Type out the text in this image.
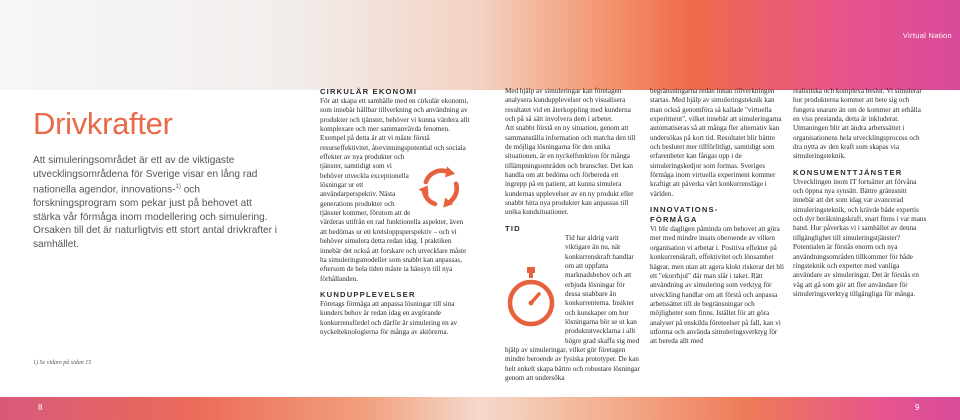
Virtual Nation
Drivkrafter

Att simuleringsområdet är ett av de viktigaste utvecklingsområdena för Sverige visar en lång rad nationella agendor, innovations-$^{1)}$ och forskningsprogram som pekar just på behovet att stärka vår förmåga inom modellering och simulering. Orsaken till det är naturligtvis ett stort antal drivkrafter i samhället.

1) Se vidare på sidan 15
CIRKULÄR EKONOMI

För att skapa ett samhälle med en cirkulär ekonomi, som innebär hållbar tillverkning och användning av produkter och tjänster, behöver vi kunna värdera allt komplexare och mer sammanvävda fenomen. Exempel på detta är att vi måste förstå resurseffektivitet, återvinningspotential och sociala effekter av nya produkter och tjänster, samtidigt som vi behöver utveckla exceptionella lösningar ur ett användarperspektiv. Nästa generations produkter och tjänster kommer, förutom att de värderas utifrån en rad funktionella aspekter, även att bedömas ur ett kretsloppsperspektiv – och vi behöver simulera detta redan idag. I praktiken innebär det också att forskare och utvecklare måste ha simuleringsmodeller som snabbt kan anpassas, eftersom de hela tiden måste ta hänsyn till nya förhållanden.

KUNDUPPLEVELSER

Företags förmåga att anpassa lösningar till sina kunders behov är redan idag en avgörande konkurrensfördel och därför är simulering en av nyckelteknologierna för många av aktörerna.

Med hjälp av simuleringar kan företagen analysera kundupplevelser och visualisera resultatet vid en återkoppling med kunderna och på så sätt involvera dem i arbetet.

Att snabbt förstå en ny situation, genom att sammanställa information och matcha den till de möjliga lösningarna för den unika situationen, är en nyckelfunktion för många tillämpningsområden och branscher. Det kan handla om att bedöma och förbereda ett ingrepp på en patient, att kunna simulera kundernas upplevelser av en ny produkt eller snabbt hitta nya produkter kan anpassas till unika kundsituationer.

TID

Tid har aldrig varit viktigare än nu, när konkurrenskraft handlar om att uppfatta marknadsbehov och att erbjuda lösningar för dessa snabbare än konkurrenterna. Insikter och kunskaper om hur lösningarna bör se ut kan produktutvecklarna i allt högre grad skaffa sig med hjälp av simuleringar, vilket gör företagen mindre beroende av fysiska prototyper. De kan helt enkelt skapa bättre och robustare lösningar genom att undersöka

begränsningarna redan innan tillverkningen startas. Med hjälp av simuleringsteknik kan man också genomföra så kallade "virtuella experiment", vilket innebär att simuleringarna automatiseras så att många fler alternativ kan undersökas på kort tid. Resultatet blir bättre och beslutet mer tillförlitligt, samtidigt som erfarenheter kan fångas upp i de simuleringskedjor som formas. Sveriges förmåga inom virtuella experiment kommer kraftigt att påverka vårt konkurrensläge i världen.

INNOVATIONS-
FÖRMÅGA

Vi blir dagligen påminda om behovet att göra mer med mindre insats oberoende av vilken organisation vi arbetar i. Positiva effekter på konkurrenskraft, effektivitet och lönsamhet hägrar, men utan att agera klokt riskerar det bli ett "ekorrhjul" där man slår i taket. Rätt användning av simulering som verktyg för utveckling handlar om att förstå och anpassa arbetssättet till de begränsningar och möjligheter som finns. Istället för att göra analyser på enskilda företeelser på fall, kan vi utforma och använda simuleringsverktyg för att bereda allt med

realistiska och komplexa beslut. Vi simulerar hur produkterna kommer att bete sig och fungera snarare än om de kommer att erhålla en viss prestanda, detta är inkluderat. Utmaningen blir att ändra arbetssättet i organisationens hela utvecklingsprocess och dra nytta av den kraft som skapas via simuleringsteknik.

KONSUMENTTJÄNSTER

Utvecklingen inom IT fortsätter att förvåna och öppna nya synsätt. Bättre gränssnitt innebär att det som idag var avancerad simuleringsteknik, och krävde både expertis och dyr beräkningskraft, snart finns i var mans hand. Hur påverkas vi i samhället av denna tillgänglighet till simuleringstjänster? Potentialen är förstås enorm och nya användningsområden tillkommer för både ringsteknik och experter med vanliga användare av simuleringar. Det är förstås en väg att gå som gör att fler användare för simuleringsverktyg tillgängliga för många.

8	9
